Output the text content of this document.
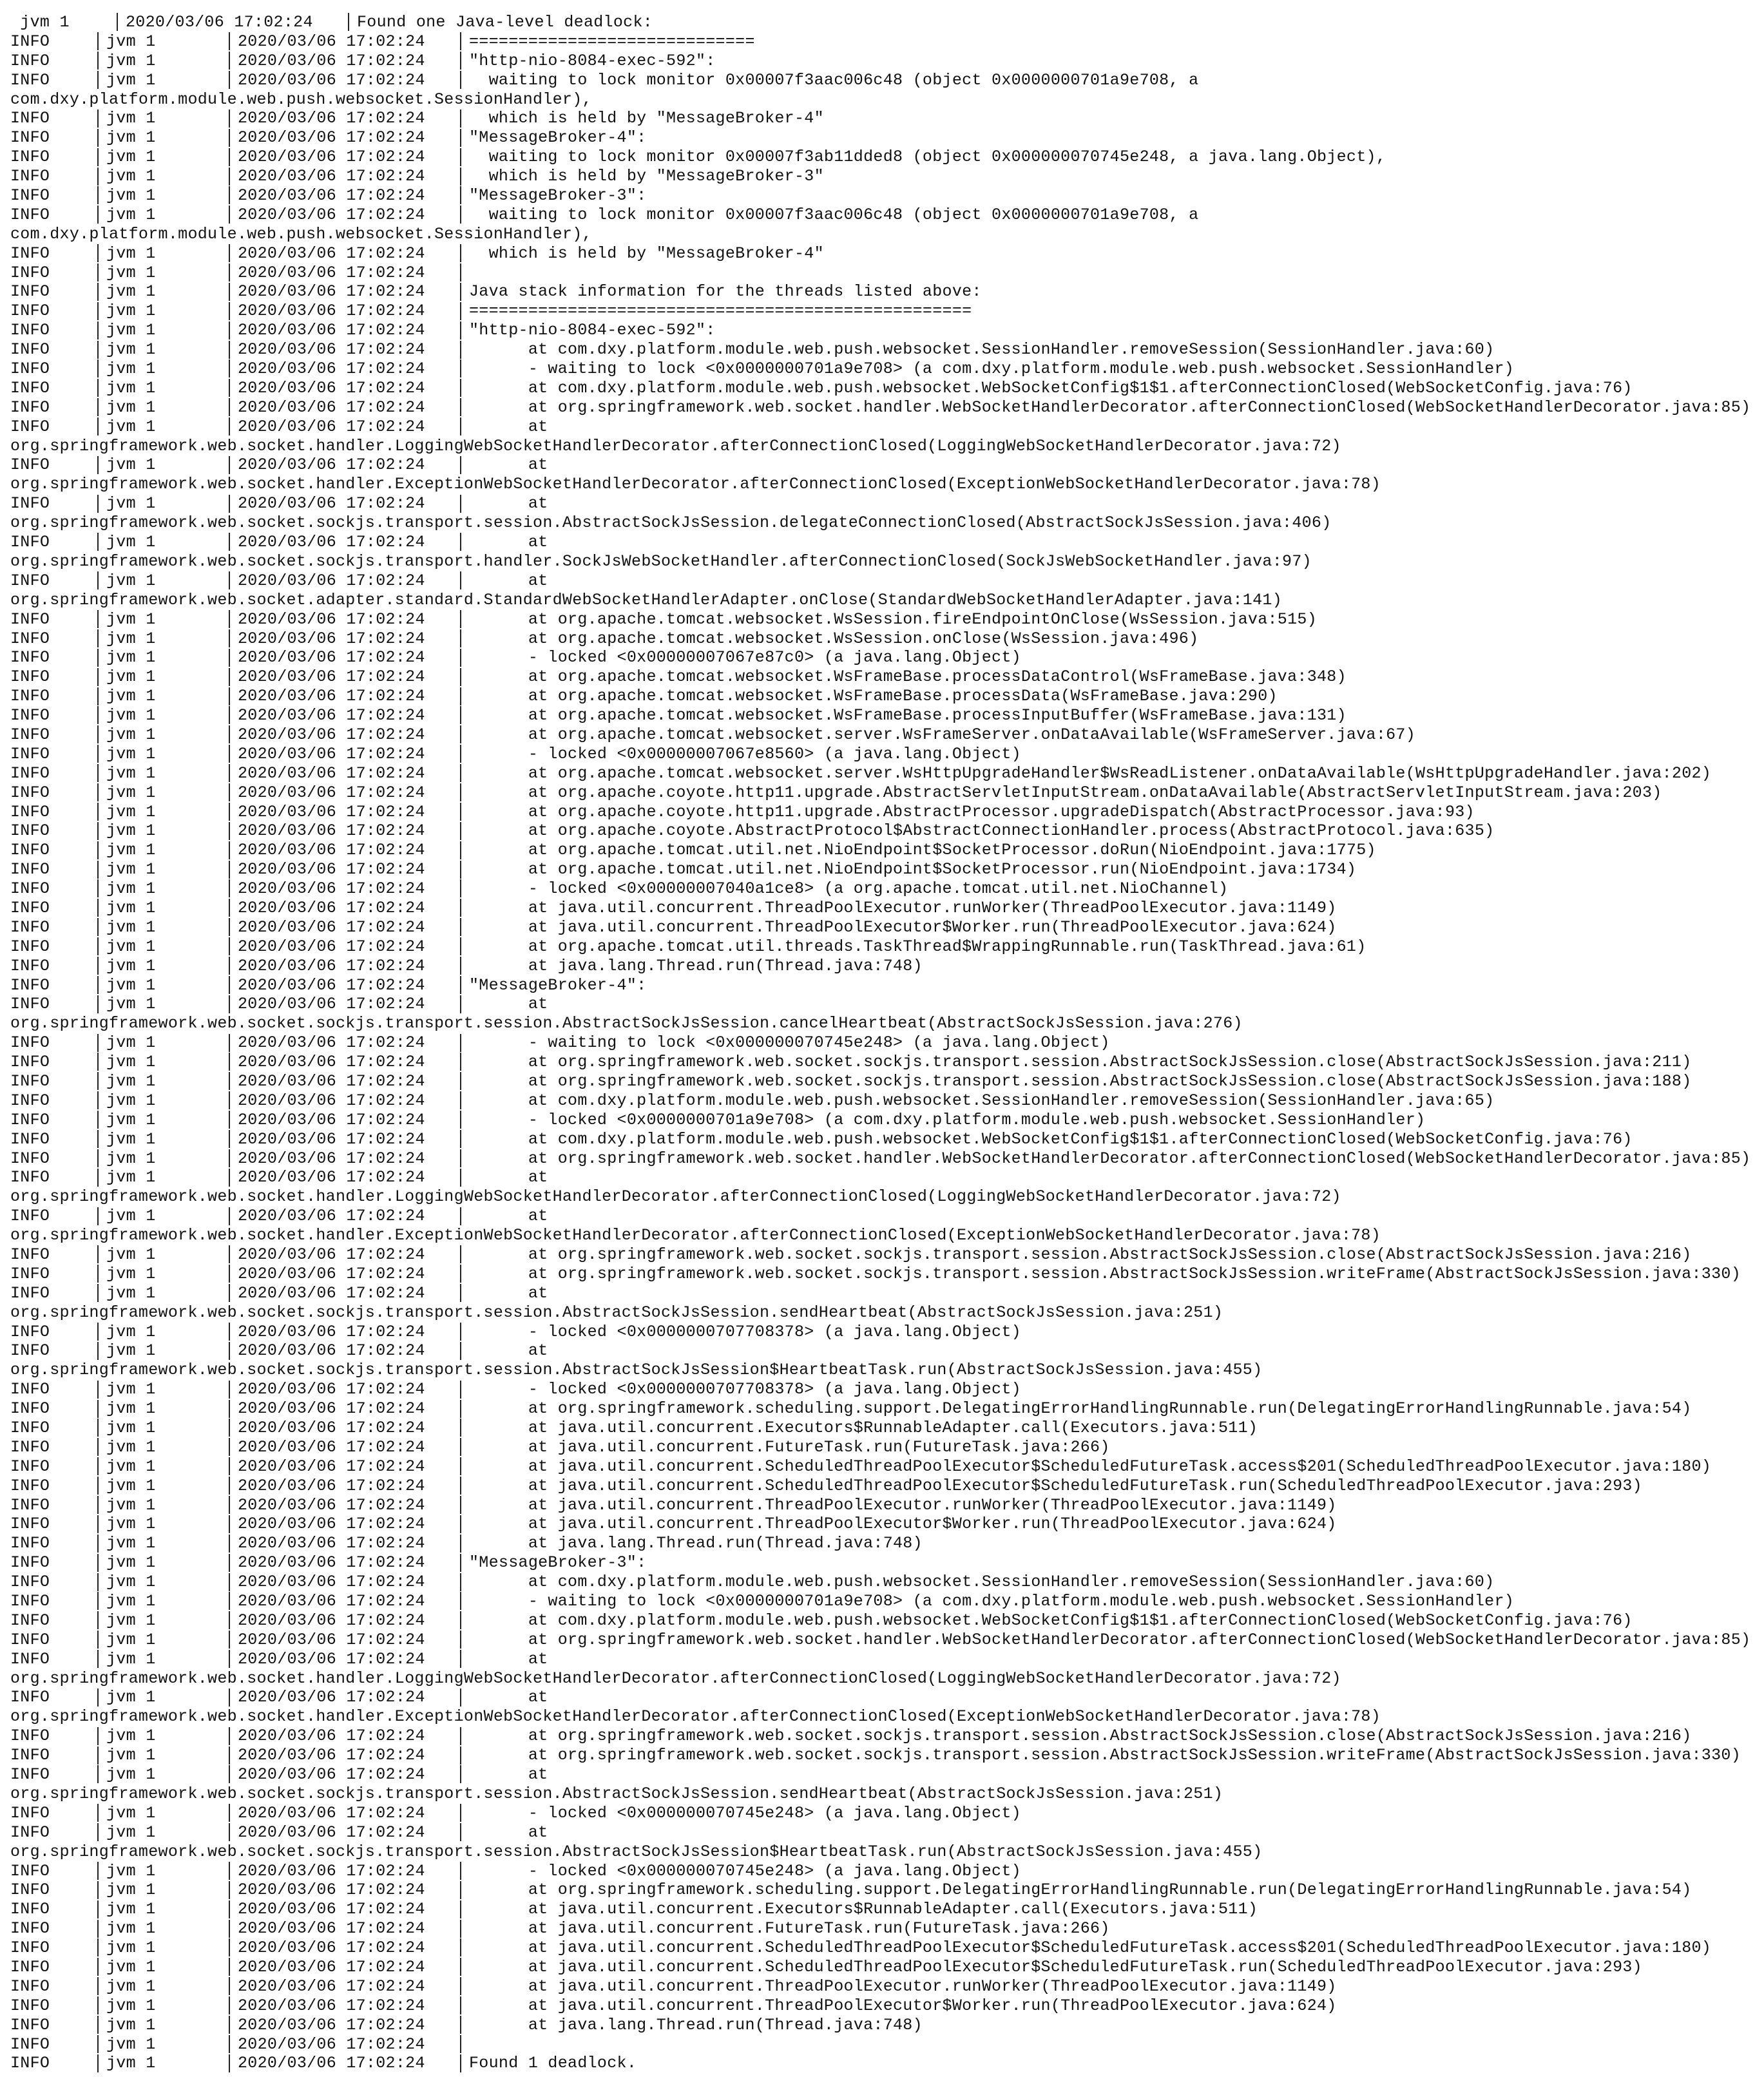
jvm 1	2020/03/06 17:02:24	Found one Java-level deadlock:
INFO	jvm 1	2020/03/06 17:02:24	=============================
INFO	jvm 1	2020/03/06 17:02:24	"http-nio-8084-exec-592":
INFO	jvm 1	2020/03/06 17:02:24	waiting to lock monitor 0x00007f3aac006c48 (object 0x0000000701a9e708, a
com.dxy.platform.module.web.push.websocket.SessionHandler),
INFO	jvm 1	2020/03/06 17:02:24	which is held by "MessageBroker-4"
INFO	jvm 1	2020/03/06 17:02:24	"MessageBroker-4":
INFO	jvm 1	2020/03/06 17:02:24	waiting to lock monitor 0x00007f3ab11dded8 (object 0x000000070745e248, a java.lang.Object),
INFO	jvm 1	2020/03/06 17:02:24	which is held by "MessageBroker-3"
INFO	jvm 1	2020/03/06 17:02:24	"MessageBroker-3":
INFO	jvm 1	2020/03/06 17:02:24	waiting to lock monitor 0x00007f3aac006c48 (object 0x0000000701a9e708, a
com.dxy.platform.module.web.push.websocket.SessionHandler),
INFO	jvm 1	2020/03/06 17:02:24	which is held by "MessageBroker-4"
INFO	jvm 1	2020/03/06 17:02:24
INFO	jvm 1	2020/03/06 17:02:24	Java stack information for the threads listed above:
INFO	jvm 1	2020/03/06 17:02:24	===================================================
INFO	jvm 1	2020/03/06 17:02:24	"http-nio-8084-exec-592":
INFO	jvm 1	2020/03/06 17:02:24	at com.dxy.platform.module.web.push.websocket.SessionHandler.removeSession(SessionHandler.java:60)
INFO	jvm 1	2020/03/06 17:02:24	- waiting to lock <0x0000000701a9e708> (a com.dxy.platform.module.web.push.websocket.SessionHandler)
INFO	jvm 1	2020/03/06 17:02:24	at com.dxy.platform.module.web.push.websocket.WebSocketConfig$1$1.afterConnectionClosed(WebSocketConfig.java:76)
INFO	jvm 1	2020/03/06 17:02:24	at org.springframework.web.socket.handler.WebSocketHandlerDecorator.afterConnectionClosed(WebSocketHandlerDecorator.java:85)
INFO	jvm 1	2020/03/06 17:02:24	at
org.springframework.web.socket.handler.LoggingWebSocketHandlerDecorator.afterConnectionClosed(LoggingWebSocketHandlerDecorator.java:72)
INFO	jvm 1	2020/03/06 17:02:24	at
org.springframework.web.socket.handler.ExceptionWebSocketHandlerDecorator.afterConnectionClosed(ExceptionWebSocketHandlerDecorator.java:78)
INFO	jvm 1	2020/03/06 17:02:24	at
org.springframework.web.socket.sockjs.transport.session.AbstractSockJsSession.delegateConnectionClosed(AbstractSockJsSession.java:406)
INFO	jvm 1	2020/03/06 17:02:24	at
org.springframework.web.socket.sockjs.transport.handler.SockJsWebSocketHandler.afterConnectionClosed(SockJsWebSocketHandler.java:97)
INFO	jvm 1	2020/03/06 17:02:24	at
org.springframework.web.socket.adapter.standard.StandardWebSocketHandlerAdapter.onClose(StandardWebSocketHandlerAdapter.java:141)
INFO	jvm 1	2020/03/06 17:02:24	at org.apache.tomcat.websocket.WsSession.fireEndpointOnClose(WsSession.java:515)
INFO	jvm 1	2020/03/06 17:02:24	at org.apache.tomcat.websocket.WsSession.onClose(WsSession.java:496)
INFO	jvm 1	2020/03/06 17:02:24	- locked <0x00000007067e87c0> (a java.lang.Object)
INFO	jvm 1	2020/03/06 17:02:24	at org.apache.tomcat.websocket.WsFrameBase.processDataControl(WsFrameBase.java:348)
INFO	jvm 1	2020/03/06 17:02:24	at org.apache.tomcat.websocket.WsFrameBase.processData(WsFrameBase.java:290)
INFO	jvm 1	2020/03/06 17:02:24	at org.apache.tomcat.websocket.WsFrameBase.processInputBuffer(WsFrameBase.java:131)
INFO	jvm 1	2020/03/06 17:02:24	at org.apache.tomcat.websocket.server.WsFrameServer.onDataAvailable(WsFrameServer.java:67)
INFO	jvm 1	2020/03/06 17:02:24	- locked <0x00000007067e8560> (a java.lang.Object)
INFO	jvm 1	2020/03/06 17:02:24	at org.apache.tomcat.websocket.server.WsHttpUpgradeHandler$WsReadListener.onDataAvailable(WsHttpUpgradeHandler.java:202)
INFO	jvm 1	2020/03/06 17:02:24	at org.apache.coyote.http11.upgrade.AbstractServletInputStream.onDataAvailable(AbstractServletInputStream.java:203)
INFO	jvm 1	2020/03/06 17:02:24	at org.apache.coyote.http11.upgrade.AbstractProcessor.upgradeDispatch(AbstractProcessor.java:93)
INFO	jvm 1	2020/03/06 17:02:24	at org.apache.coyote.AbstractProtocol$AbstractConnectionHandler.process(AbstractProtocol.java:635)
INFO	jvm 1	2020/03/06 17:02:24	at org.apache.tomcat.util.net.NioEndpoint$SocketProcessor.doRun(NioEndpoint.java:1775)
INFO	jvm 1	2020/03/06 17:02:24	at org.apache.tomcat.util.net.NioEndpoint$SocketProcessor.run(NioEndpoint.java:1734)
INFO	jvm 1	2020/03/06 17:02:24	- locked <0x00000007040a1ce8> (a org.apache.tomcat.util.net.NioChannel)
INFO	jvm 1	2020/03/06 17:02:24	at java.util.concurrent.ThreadPoolExecutor.runWorker(ThreadPoolExecutor.java:1149)
INFO	jvm 1	2020/03/06 17:02:24	at java.util.concurrent.ThreadPoolExecutor$Worker.run(ThreadPoolExecutor.java:624)
INFO	jvm 1	2020/03/06 17:02:24	at org.apache.tomcat.util.threads.TaskThread$WrappingRunnable.run(TaskThread.java:61)
INFO	jvm 1	2020/03/06 17:02:24	at java.lang.Thread.run(Thread.java:748)
INFO	jvm 1	2020/03/06 17:02:24	"MessageBroker-4":
INFO	jvm 1	2020/03/06 17:02:24	at
org.springframework.web.socket.sockjs.transport.session.AbstractSockJsSession.cancelHeartbeat(AbstractSockJsSession.java:276)
INFO	jvm 1	2020/03/06 17:02:24	- waiting to lock <0x000000070745e248> (a java.lang.Object)
INFO	jvm 1	2020/03/06 17:02:24	at org.springframework.web.socket.sockjs.transport.session.AbstractSockJsSession.close(AbstractSockJsSession.java:211)
INFO	jvm 1	2020/03/06 17:02:24	at org.springframework.web.socket.sockjs.transport.session.AbstractSockJsSession.close(AbstractSockJsSession.java:188)
INFO	jvm 1	2020/03/06 17:02:24	at com.dxy.platform.module.web.push.websocket.SessionHandler.removeSession(SessionHandler.java:65)
INFO	jvm 1	2020/03/06 17:02:24	- locked <0x0000000701a9e708> (a com.dxy.platform.module.web.push.websocket.SessionHandler)
INFO	jvm 1	2020/03/06 17:02:24	at com.dxy.platform.module.web.push.websocket.WebSocketConfig$1$1.afterConnectionClosed(WebSocketConfig.java:76)
INFO	jvm 1	2020/03/06 17:02:24	at org.springframework.web.socket.handler.WebSocketHandlerDecorator.afterConnectionClosed(WebSocketHandlerDecorator.java:85)
INFO	jvm 1	2020/03/06 17:02:24	at
org.springframework.web.socket.handler.LoggingWebSocketHandlerDecorator.afterConnectionClosed(LoggingWebSocketHandlerDecorator.java:72)
INFO	jvm 1	2020/03/06 17:02:24	at
org.springframework.web.socket.handler.ExceptionWebSocketHandlerDecorator.afterConnectionClosed(ExceptionWebSocketHandlerDecorator.java:78)
INFO	jvm 1	2020/03/06 17:02:24	at org.springframework.web.socket.sockjs.transport.session.AbstractSockJsSession.close(AbstractSockJsSession.java:216)
INFO	jvm 1	2020/03/06 17:02:24	at org.springframework.web.socket.sockjs.transport.session.AbstractSockJsSession.writeFrame(AbstractSockJsSession.java:330)
INFO	jvm 1	2020/03/06 17:02:24	at
org.springframework.web.socket.sockjs.transport.session.AbstractSockJsSession.sendHeartbeat(AbstractSockJsSession.java:251)
INFO	jvm 1	2020/03/06 17:02:24	- locked <0x0000000707708378> (a java.lang.Object)
INFO	jvm 1	2020/03/06 17:02:24	at
org.springframework.web.socket.sockjs.transport.session.AbstractSockJsSession$HeartbeatTask.run(AbstractSockJsSession.java:455)
INFO	jvm 1	2020/03/06 17:02:24	- locked <0x0000000707708378> (a java.lang.Object)
INFO	jvm 1	2020/03/06 17:02:24	at org.springframework.scheduling.support.DelegatingErrorHandlingRunnable.run(DelegatingErrorHandlingRunnable.java:54)
INFO	jvm 1	2020/03/06 17:02:24	at java.util.concurrent.Executors$RunnableAdapter.call(Executors.java:511)
INFO	jvm 1	2020/03/06 17:02:24	at java.util.concurrent.FutureTask.run(FutureTask.java:266)
INFO	jvm 1	2020/03/06 17:02:24	at java.util.concurrent.ScheduledThreadPoolExecutor$ScheduledFutureTask.access$201(ScheduledThreadPoolExecutor.java:180)
INFO	jvm 1	2020/03/06 17:02:24	at java.util.concurrent.ScheduledThreadPoolExecutor$ScheduledFutureTask.run(ScheduledThreadPoolExecutor.java:293)
INFO	jvm 1	2020/03/06 17:02:24	at java.util.concurrent.ThreadPoolExecutor.runWorker(ThreadPoolExecutor.java:1149)
INFO	jvm 1	2020/03/06 17:02:24	at java.util.concurrent.ThreadPoolExecutor$Worker.run(ThreadPoolExecutor.java:624)
INFO	jvm 1	2020/03/06 17:02:24	at java.lang.Thread.run(Thread.java:748)
INFO	jvm 1	2020/03/06 17:02:24	"MessageBroker-3":
INFO	jvm 1	2020/03/06 17:02:24	at com.dxy.platform.module.web.push.websocket.SessionHandler.removeSession(SessionHandler.java:60)
INFO	jvm 1	2020/03/06 17:02:24	- waiting to lock <0x0000000701a9e708> (a com.dxy.platform.module.web.push.websocket.SessionHandler)
INFO	jvm 1	2020/03/06 17:02:24	at com.dxy.platform.module.web.push.websocket.WebSocketConfig$1$1.afterConnectionClosed(WebSocketConfig.java:76)
INFO	jvm 1	2020/03/06 17:02:24	at org.springframework.web.socket.handler.WebSocketHandlerDecorator.afterConnectionClosed(WebSocketHandlerDecorator.java:85)
INFO	jvm 1	2020/03/06 17:02:24	at
org.springframework.web.socket.handler.LoggingWebSocketHandlerDecorator.afterConnectionClosed(LoggingWebSocketHandlerDecorator.java:72)
INFO	jvm 1	2020/03/06 17:02:24	at
org.springframework.web.socket.handler.ExceptionWebSocketHandlerDecorator.afterConnectionClosed(ExceptionWebSocketHandlerDecorator.java:78)
INFO	jvm 1	2020/03/06 17:02:24	at org.springframework.web.socket.sockjs.transport.session.AbstractSockJsSession.close(AbstractSockJsSession.java:216)
INFO	jvm 1	2020/03/06 17:02:24	at org.springframework.web.socket.sockjs.transport.session.AbstractSockJsSession.writeFrame(AbstractSockJsSession.java:330)
INFO	jvm 1	2020/03/06 17:02:24	at
org.springframework.web.socket.sockjs.transport.session.AbstractSockJsSession.sendHeartbeat(AbstractSockJsSession.java:251)
INFO	jvm 1	2020/03/06 17:02:24	- locked <0x000000070745e248> (a java.lang.Object)
INFO	jvm 1	2020/03/06 17:02:24	at
org.springframework.web.socket.sockjs.transport.session.AbstractSockJsSession$HeartbeatTask.run(AbstractSockJsSession.java:455)
INFO	jvm 1	2020/03/06 17:02:24	- locked <0x000000070745e248> (a java.lang.Object)
INFO	jvm 1	2020/03/06 17:02:24	at org.springframework.scheduling.support.DelegatingErrorHandlingRunnable.run(DelegatingErrorHandlingRunnable.java:54)
INFO	jvm 1	2020/03/06 17:02:24	at java.util.concurrent.Executors$RunnableAdapter.call(Executors.java:511)
INFO	jvm 1	2020/03/06 17:02:24	at java.util.concurrent.FutureTask.run(FutureTask.java:266)
INFO	jvm 1	2020/03/06 17:02:24	at java.util.concurrent.ScheduledThreadPoolExecutor$ScheduledFutureTask.access$201(ScheduledThreadPoolExecutor.java:180)
INFO	jvm 1	2020/03/06 17:02:24	at java.util.concurrent.ScheduledThreadPoolExecutor$ScheduledFutureTask.run(ScheduledThreadPoolExecutor.java:293)
INFO	jvm 1	2020/03/06 17:02:24	at java.util.concurrent.ThreadPoolExecutor.runWorker(ThreadPoolExecutor.java:1149)
INFO	jvm 1	2020/03/06 17:02:24	at java.util.concurrent.ThreadPoolExecutor$Worker.run(ThreadPoolExecutor.java:624)
INFO	jvm 1	2020/03/06 17:02:24	at java.lang.Thread.run(Thread.java:748)
INFO	jvm 1	2020/03/06 17:02:24
INFO	jvm 1	2020/03/06 17:02:24	Found 1 deadlock.
